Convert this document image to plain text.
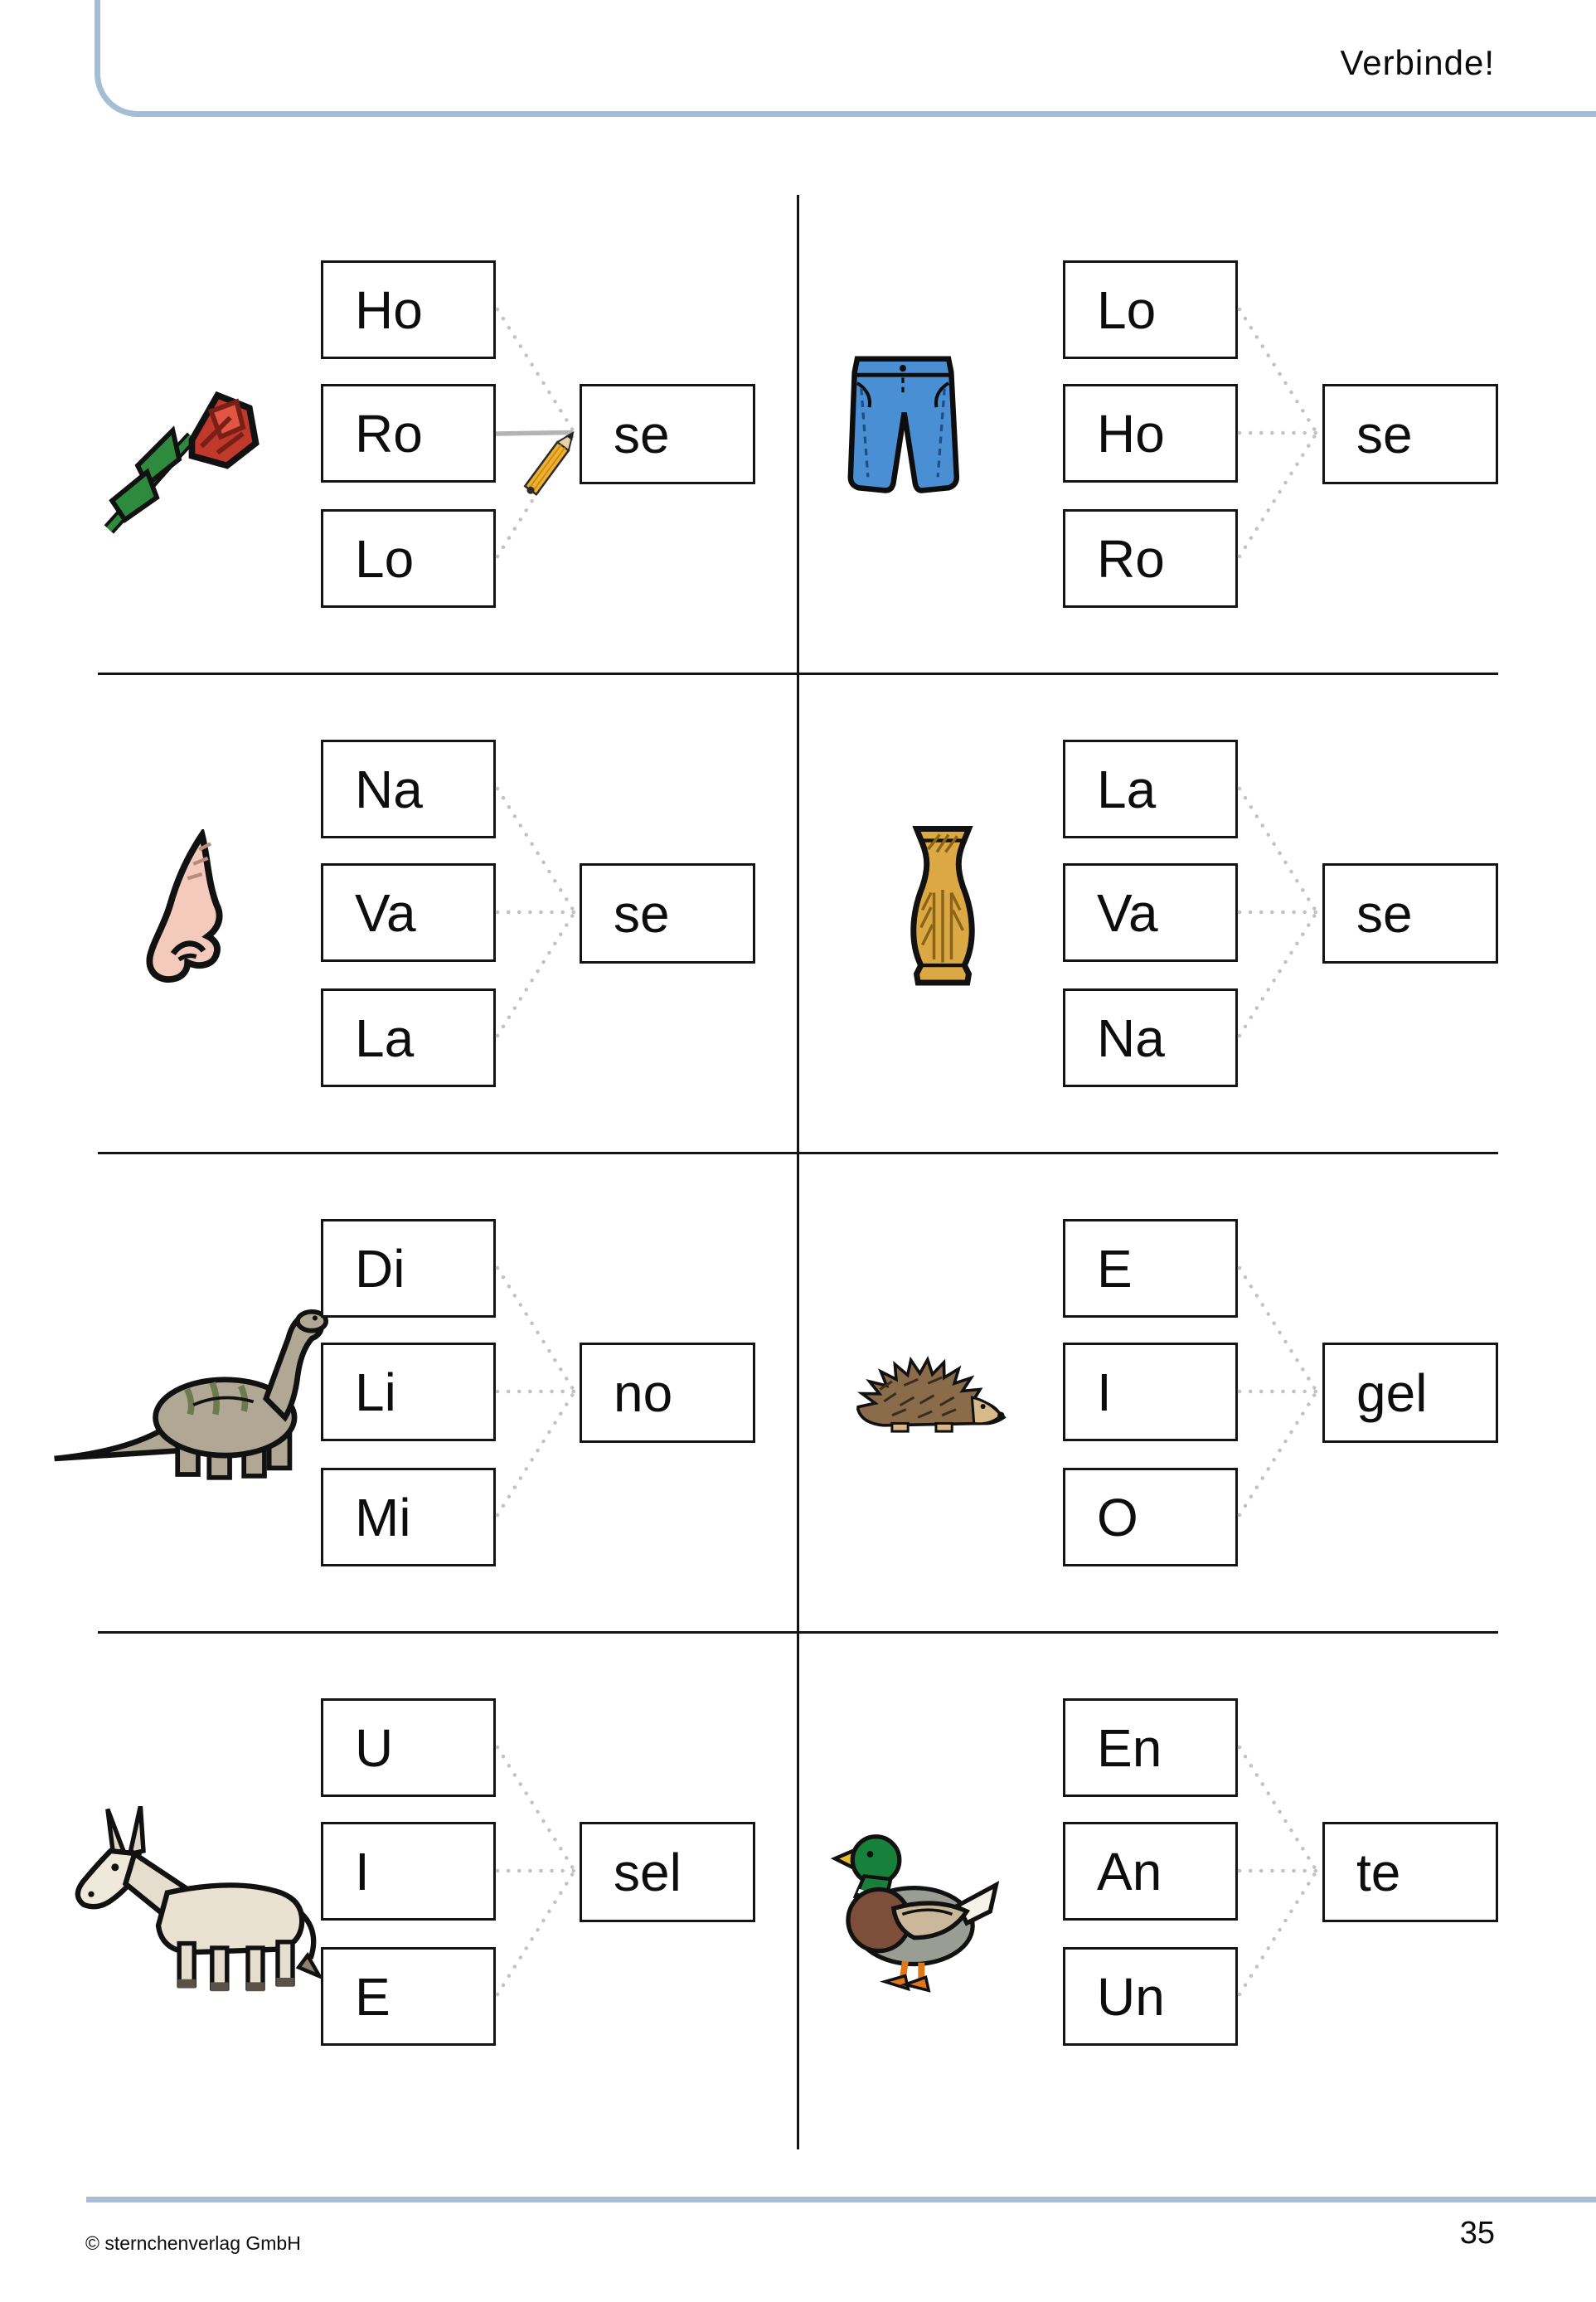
Verbinde!
Ho
Ro
Lo
se
Lo
Ho
Ro
se
Na
Va
La
se
La
Va
Na
se
Di
Li
Mi
no
E
I
O
gel
U
I
E
sel
En
An
Un
te
© sternchenverlag GmbH	35
